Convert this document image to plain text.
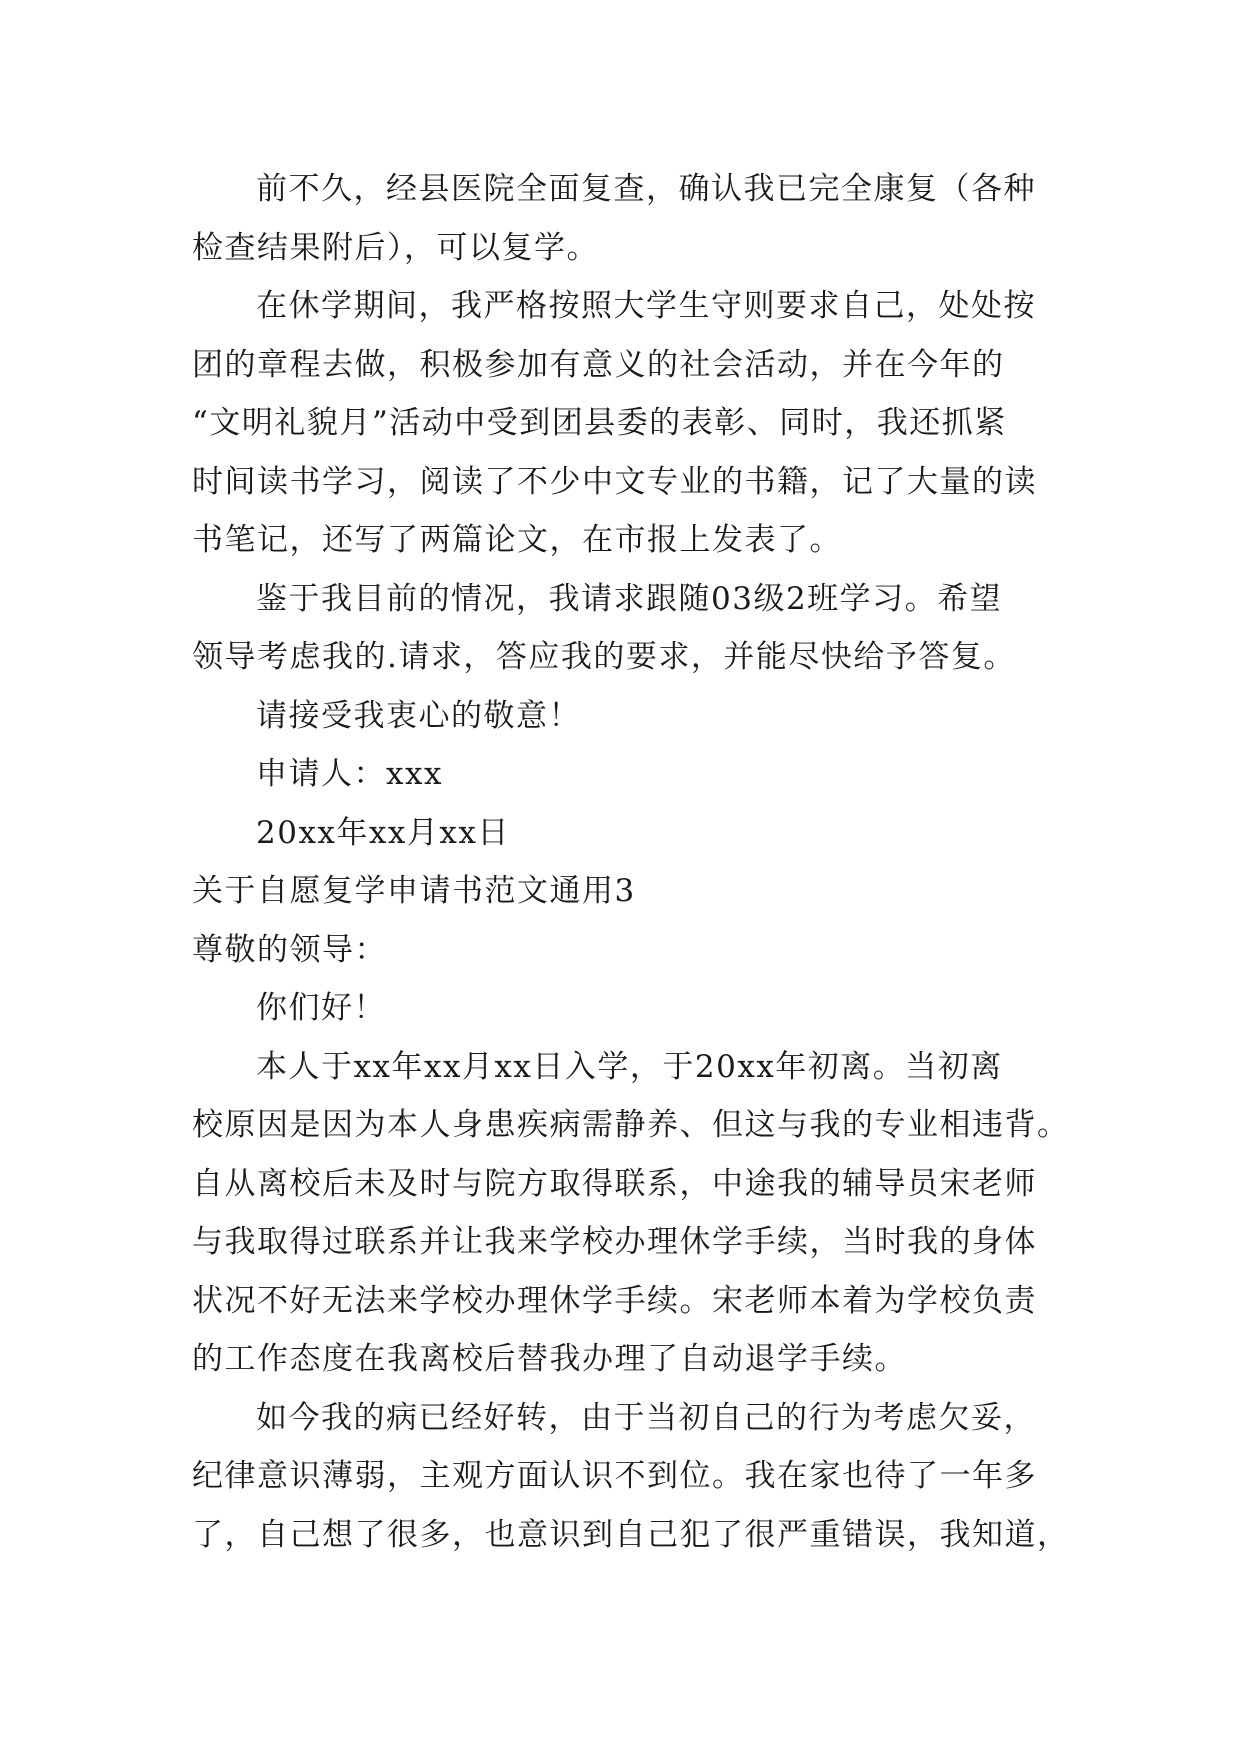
前不久，经县医院全面复查，确认我已完全康复（各种
检查结果附后），可以复学。
在休学期间，我严格按照大学生守则要求自己，处处按
团的章程去做，积极参加有意义的社会活动，并在今年的
“文明礼貌月”活动中受到团县委的表彰、同时，我还抓紧
时间读书学习，阅读了不少中文专业的书籍，记了大量的读
书笔记，还写了两篇论文，在市报上发表了。
鉴于我目前的情况，我请求跟随03级2班学习。希望
领导考虑我的.请求，答应我的要求，并能尽快给予答复。
请接受我衷心的敬意！
申请人：xxx
20xx年xx月xx日
关于自愿复学申请书范文通用3
尊敬的领导：
你们好！
本人于xx年xx月xx日入学，于20xx年初离。当初离
校原因是因为本人身患疾病需静养、但这与我的专业相违背。
自从离校后未及时与院方取得联系，中途我的辅导员宋老师
与我取得过联系并让我来学校办理休学手续，当时我的身体
状况不好无法来学校办理休学手续。宋老师本着为学校负责
的工作态度在我离校后替我办理了自动退学手续。
如今我的病已经好转，由于当初自己的行为考虑欠妥，
纪律意识薄弱，主观方面认识不到位。我在家也待了一年多
了，自己想了很多，也意识到自己犯了很严重错误，我知道，
